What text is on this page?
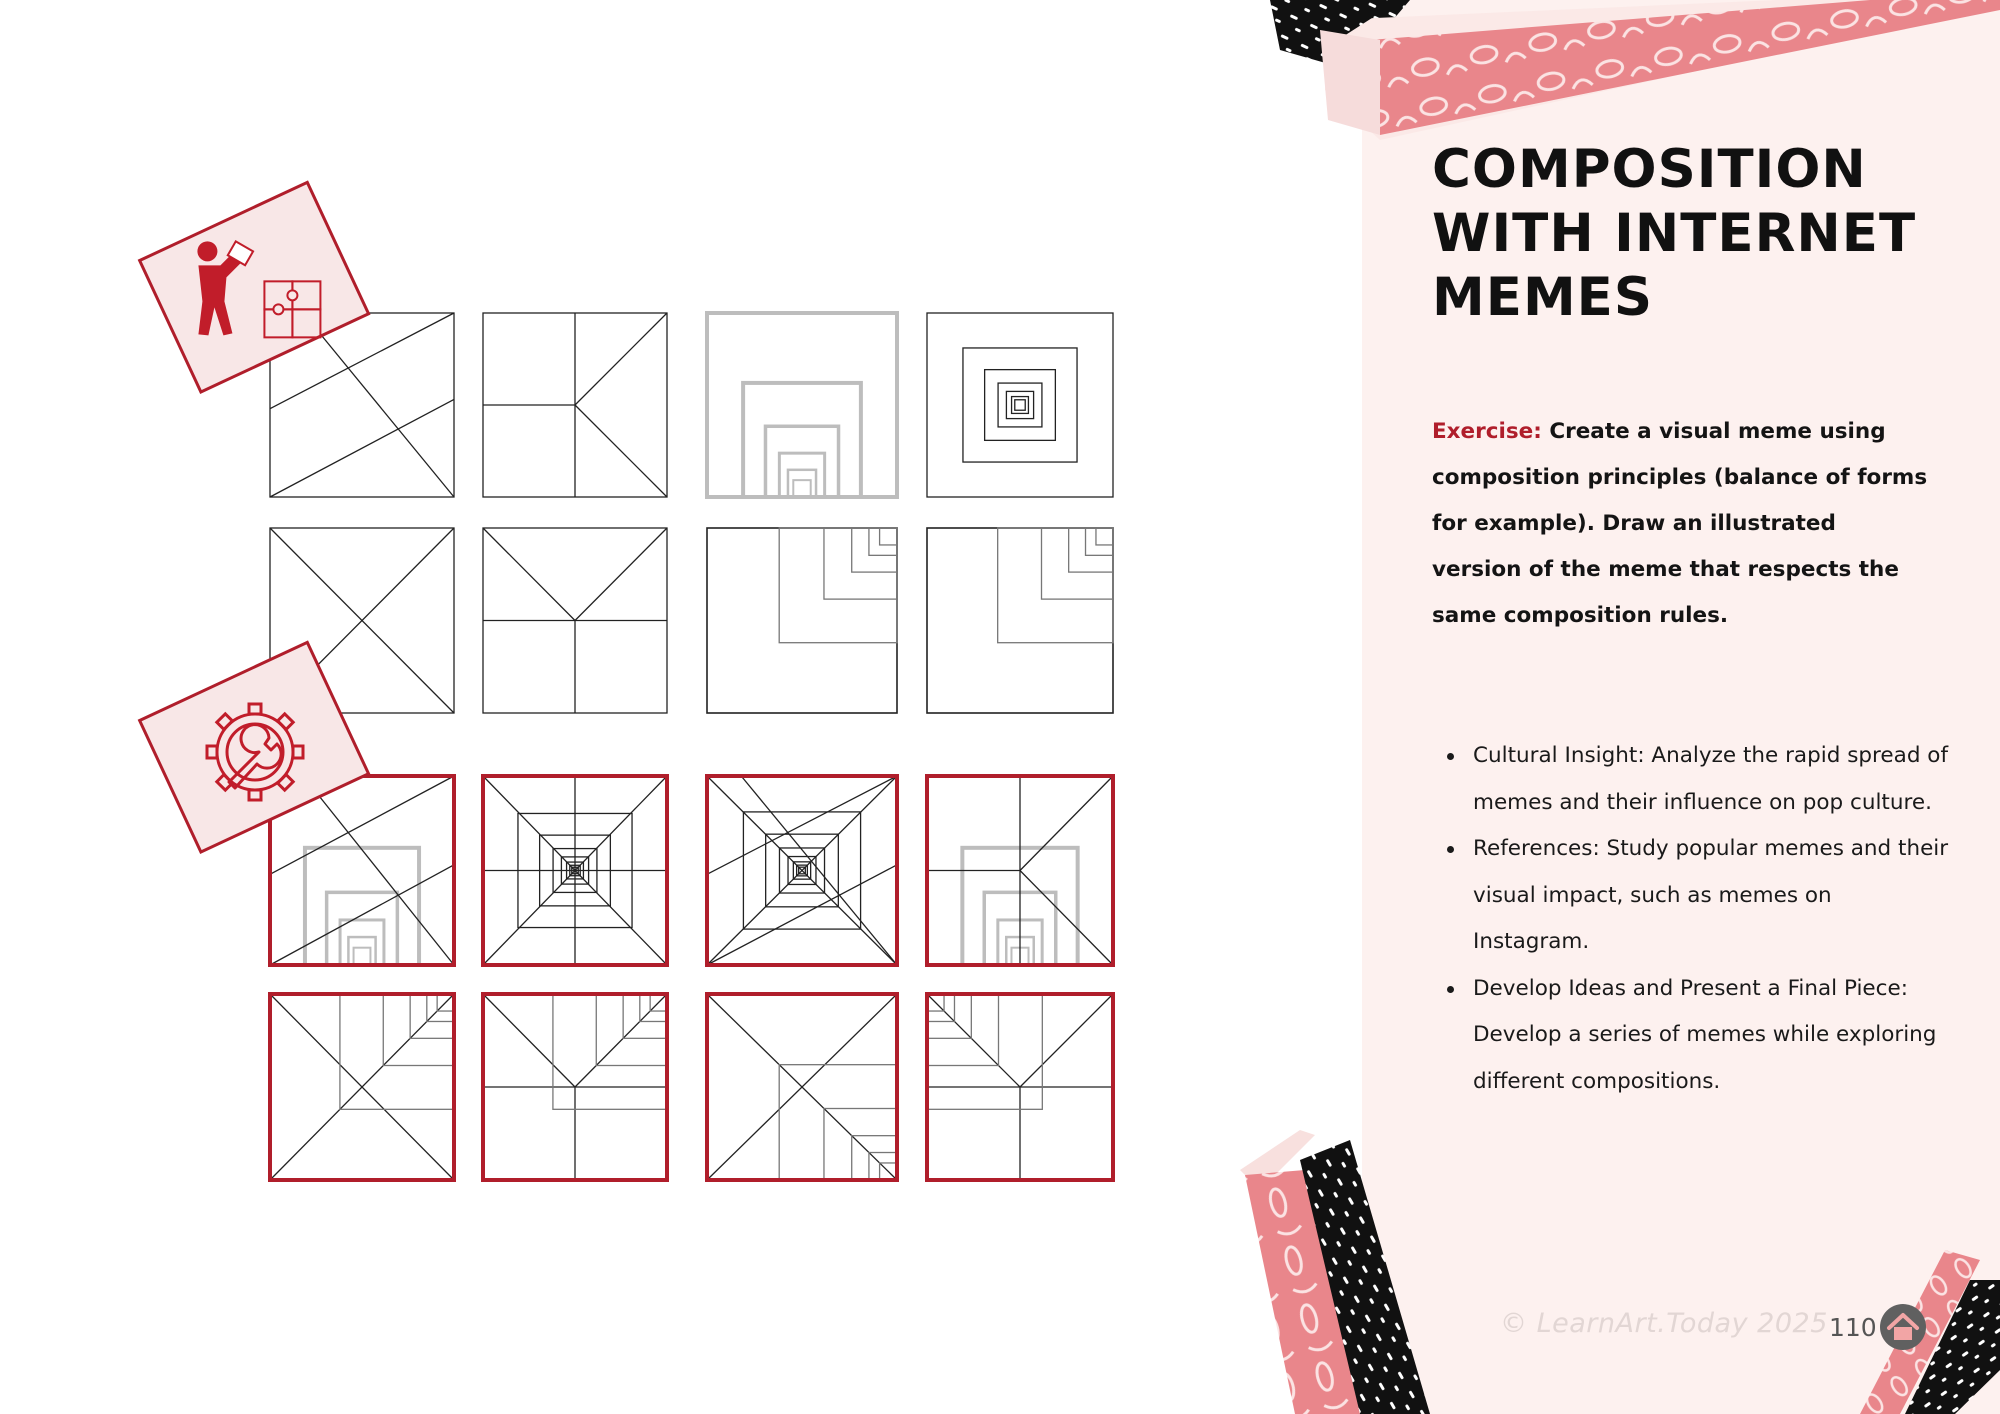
COMPOSITION
WITH INTERNET
MEMES

Exercise: Create a visual meme using composition principles (balance of forms for example). Draw an illustrated version of the meme that respects the same composition rules.

Cultural Insight: Analyze the rapid spread of memes and their influence on pop culture.
References: Study popular memes and their visual impact, such as memes on Instagram.
Develop Ideas and Present a Final Piece: Develop a series of memes while exploring different compositions.
© LearnArt.Today 2025 110
